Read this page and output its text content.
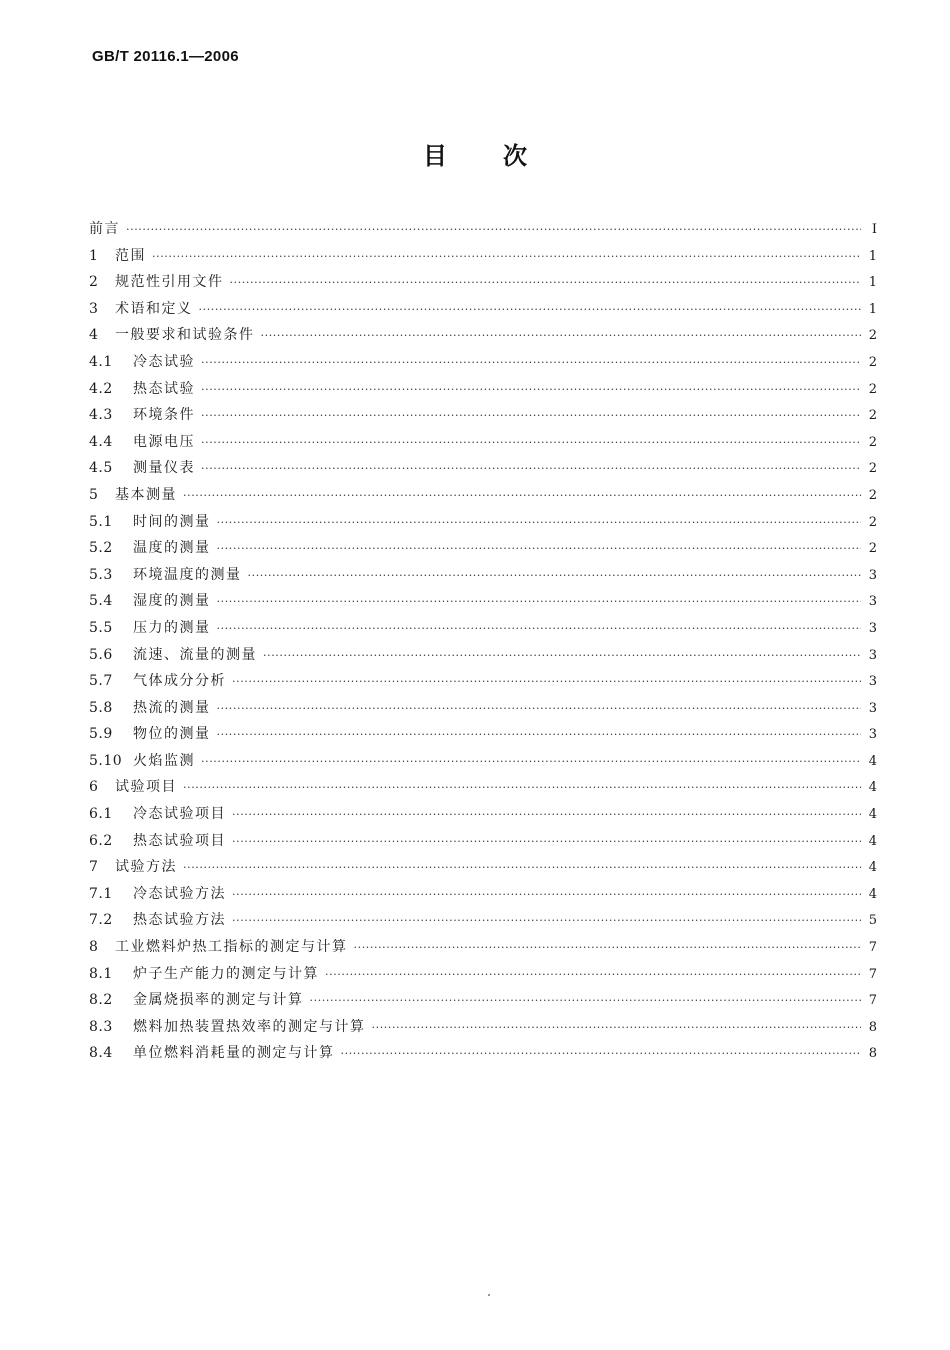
GB/T 20116.1—2006
目 次
前言 ·····	Ⅰ
1	范围 ·····	1
2	规范性引用文件 ·····	1
3	术语和定义 ·····	1
4	一般要求和试验条件 ·····	2
4.1	冷态试验 ·····	2
4.2	热态试验 ·····	2
4.3	环境条件 ·····	2
4.4	电源电压 ·····	2
4.5	测量仪表 ·····	2
5	基本测量 ·····	2
5.1	时间的测量 ·····	2
5.2	温度的测量 ·····	2
5.3	环境温度的测量 ·····	3
5.4	湿度的测量 ·····	3
5.5	压力的测量 ·····	3
5.6	流速、流量的测量 ·····	3
5.7	气体成分分析 ·····	3
5.8	热流的测量 ·····	3
5.9	物位的测量 ·····	3
5.10 火焰监测 ·····	4
6	试验项目 ·····	4
6.1	冷态试验项目 ·····	4
6.2	热态试验项目 ·····	4
7	试验方法 ·····	4
7.1	冷态试验方法 ·····	4
7.2	热态试验方法 ·····	5
8	工业燃料炉热工指标的测定与计算 ·····	7
8.1	炉子生产能力的测定与计算 ·····	7
8.2	金属烧损率的测定与计算 ·····	7
8.3	燃料加热装置热效率的测定与计算 ·····	8
8.4	单位燃料消耗量的测定与计算 ·····	8
